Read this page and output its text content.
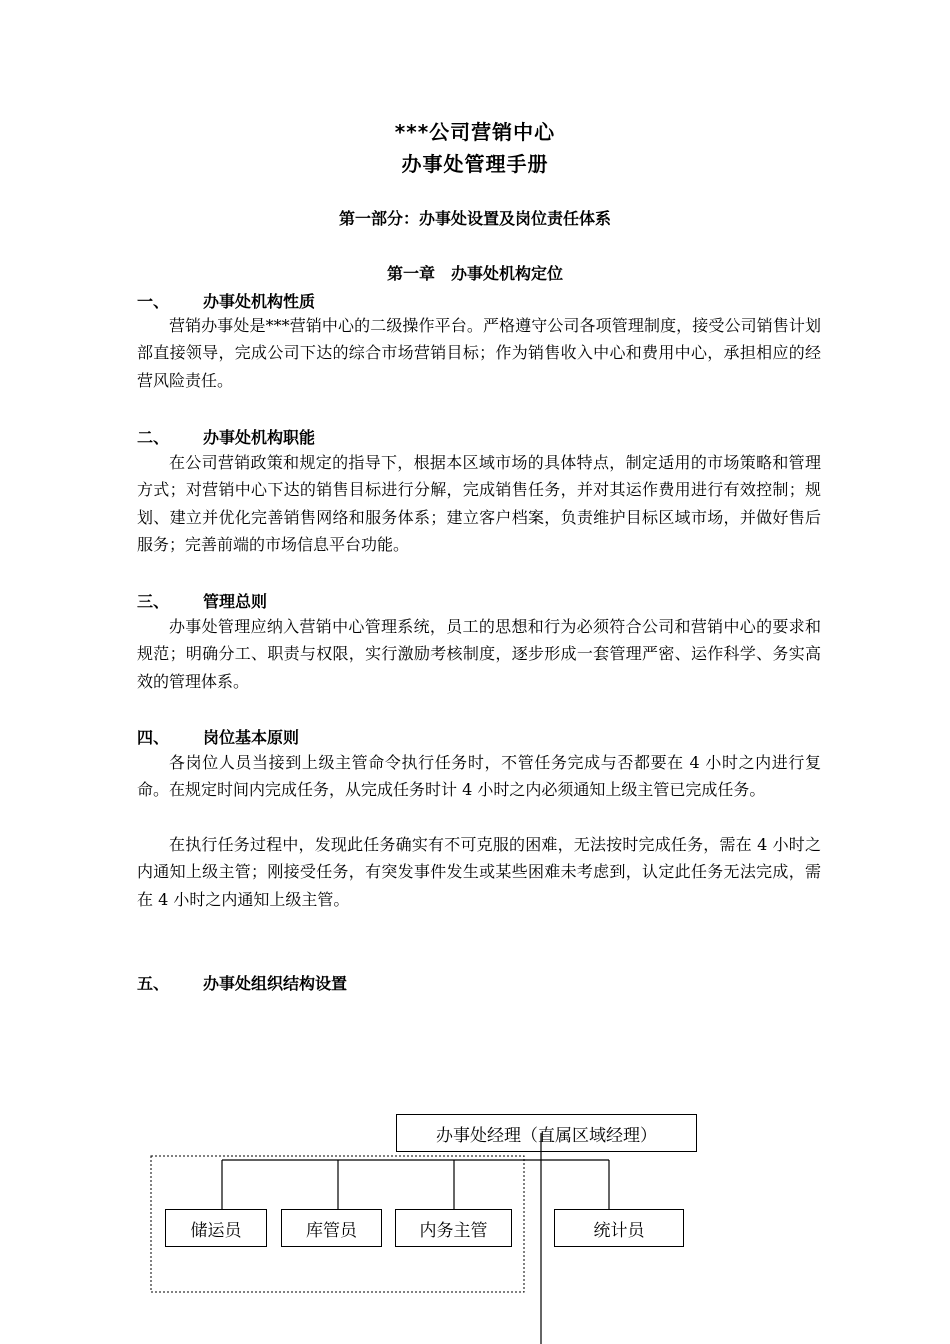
***公司营销中心
办事处管理手册
第一部分：办事处设置及岗位责任体系
第一章　办事处机构定位
一、 办事处机构性质

营销办事处是***营销中心的二级操作平台。严格遵守公司各项管理制度，接受公司销售计划部直接领导，完成公司下达的综合市场营销目标；作为销售收入中心和费用中心，承担相应的经营风险责任。

二、 办事处机构职能

在公司营销政策和规定的指导下，根据本区域市场的具体特点，制定适用的市场策略和管理方式；对营销中心下达的销售目标进行分解，完成销售任务，并对其运作费用进行有效控制；规划、建立并优化完善销售网络和服务体系；建立客户档案，负责维护目标区域市场，并做好售后服务；完善前端的市场信息平台功能。

三、 管理总则

办事处管理应纳入营销中心管理系统，员工的思想和行为必须符合公司和营销中心的要求和规范；明确分工、职责与权限，实行激励考核制度，逐步形成一套管理严密、运作科学、务实高效的管理体系。

四、 岗位基本原则

各岗位人员当接到上级主管命令执行任务时，不管任务完成与否都要在 4 小时之内进行复命。在规定时间内完成任务，从完成任务时计 4 小时之内必须通知上级主管已完成任务。

在执行任务过程中，发现此任务确实有不可克服的困难，无法按时完成任务，需在 4 小时之内通知上级主管；刚接受任务，有突发事件发生或某些困难未考虑到，认定此任务无法完成，需在 4 小时之内通知上级主管。

五、 办事处组织结构设置
办事处经理（直属区域经理）
储运员	库管员	内务主管	统计员
